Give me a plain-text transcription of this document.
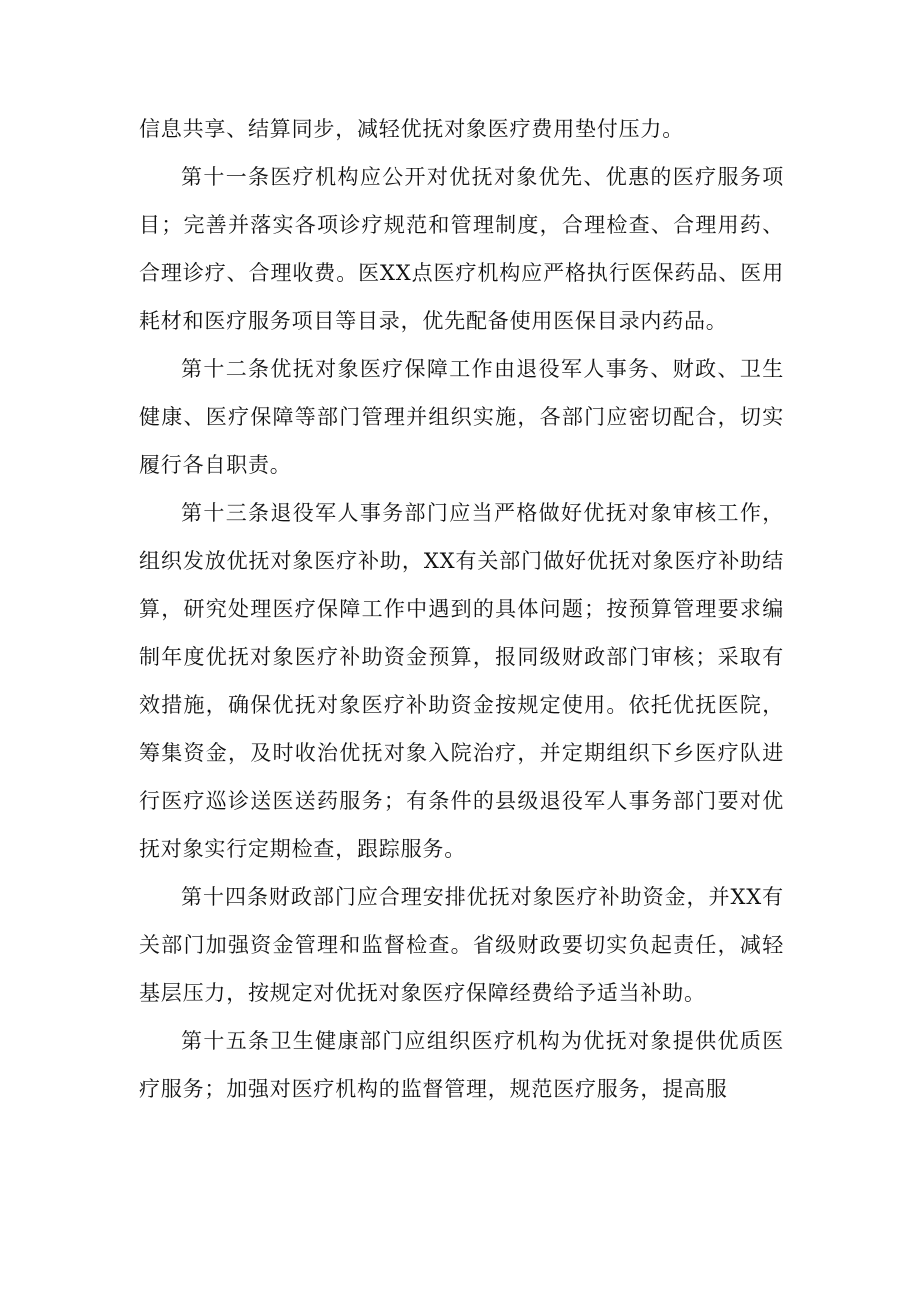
信息共享、结算同步，减轻优抚对象医疗费用垫付压力。

第十一条医疗机构应公开对优抚对象优先、优惠的医疗服务项目；完善并落实各项诊疗规范和管理制度，合理检查、合理用药、合理诊疗、合理收费。医XX点医疗机构应严格执行医保药品、医用耗材和医疗服务项目等目录，优先配备使用医保目录内药品。

第十二条优抚对象医疗保障工作由退役军人事务、财政、卫生健康、医疗保障等部门管理并组织实施，各部门应密切配合，切实履行各自职责。

第十三条退役军人事务部门应当严格做好优抚对象审核工作，组织发放优抚对象医疗补助，XX有关部门做好优抚对象医疗补助结算，研究处理医疗保障工作中遇到的具体问题；按预算管理要求编制年度优抚对象医疗补助资金预算，报同级财政部门审核；采取有效措施，确保优抚对象医疗补助资金按规定使用。依托优抚医院，筹集资金，及时收治优抚对象入院治疗，并定期组织下乡医疗队进行医疗巡诊送医送药服务；有条件的县级退役军人事务部门要对优抚对象实行定期检查，跟踪服务。

第十四条财政部门应合理安排优抚对象医疗补助资金，并XX有关部门加强资金管理和监督检查。省级财政要切实负起责任，减轻基层压力，按规定对优抚对象医疗保障经费给予适当补助。

第十五条卫生健康部门应组织医疗机构为优抚对象提供优质医疗服务；加强对医疗机构的监督管理，规范医疗服务，提高服
